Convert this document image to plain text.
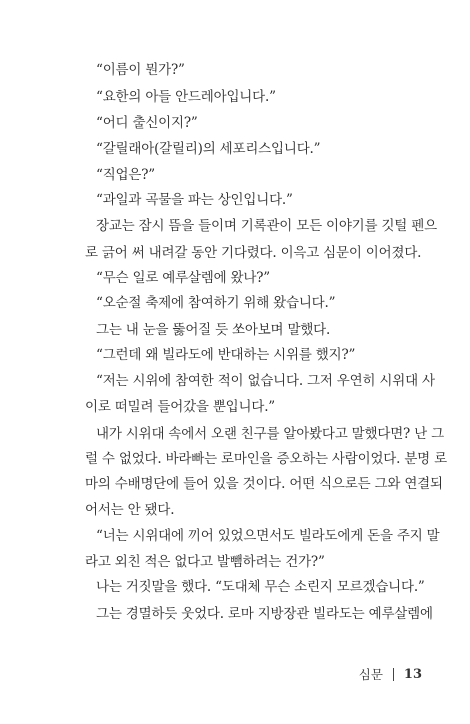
“이름이 뭔가?”
“요한의 아들 안드레아입니다.”
“어디 출신이지?”
“갈릴래아(갈릴리)의 세포리스입니다.”
“직업은?”
“과일과 곡물을 파는 상인입니다.”
장교는 잠시 뜸을 들이며 기록관이 모든 이야기를 깃털 펜으
로 긁어 써 내려갈 동안 기다렸다. 이윽고 심문이 이어졌다.
“무슨 일로 예루살렘에 왔나?”
“오순절 축제에 참여하기 위해 왔습니다.”
그는 내 눈을 뚫어질 듯 쏘아보며 말했다.
“그런데 왜 빌라도에 반대하는 시위를 했지?”
“저는 시위에 참여한 적이 없습니다. 그저 우연히 시위대 사
이로 떠밀려 들어갔을 뿐입니다.”
내가 시위대 속에서 오랜 친구를 알아봤다고 말했다면? 난 그
럴 수 없었다. 바라빠는 로마인을 증오하는 사람이었다. 분명 로
마의 수배명단에 들어 있을 것이다. 어떤 식으로든 그와 연결되
어서는 안 됐다.
“너는 시위대에 끼어 있었으면서도 빌라도에게 돈을 주지 말
라고 외친 적은 없다고 발뺌하려는 건가?”
나는 거짓말을 했다. “도대체 무슨 소린지 모르겠습니다.”
그는 경멸하듯 웃었다. 로마 지방장관 빌라도는 예루살렘에
심문 13
